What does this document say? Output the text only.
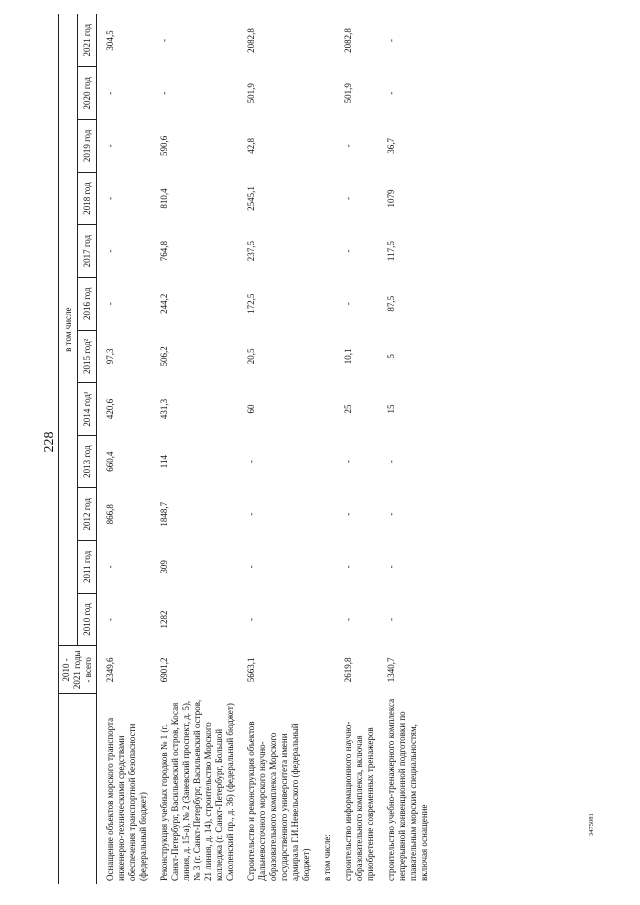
228
3475081
	2010 - 2021 годы - всего	в том числе											
		2010 год	2011 год	2012 год	2013 год	2014 год¹	2015 год²	2016 год	2017 год	2018 год	2019 год	2020 год	2021 год

Оснащение объектов морского транспорта инженерно-техническими средствами обеспечения транспортной безопасности (федеральный бюджет)	2349,6	-	-	866,8	660,4	420,6	97,3	-	-	-	-	-	304,5

Реконструкция учебных городков № 1 (г. Санкт-Петербург, Васильевский остров, Косая линия, д. 15-а), № 2 (Заневский проспект, д. 5), № 3 (г. Санкт-Петербург, Васильевский остров, 21 линия, д. 14), строительство Морского колледжа (г. Санкт-Петербург, Большой Смоленский пр., д. 36) (федеральный бюджет)	6901,2	1282	309	1848,7	114	431,3	506,2	244,2	764,8	810,4	590,6	-	-

Строительство и реконструкция объектов Дальневосточного морского научно-образовательного комплекса Морского государственного университета имени адмирала Г.И.Невельского (федеральный бюджет)	5663,1	-	-	-	-	60	20,5	172,5	237,5	2545,1	42,8	501,9	2082,8

в том числе:													

строительство информационного научно-образовательного комплекса, включая приобретение современных тренажеров	2619,8	-	-	-	-	25	10,1	-	-	-	-	501,9	2082,8

строительство учебно-тренажерного комплекса непрерывной конвенционной подготовки по плавательным морским специальностям, включая оснащение	1340,7	-	-	-	-	15	5	87,5	117,5	1079	36,7	-	-
